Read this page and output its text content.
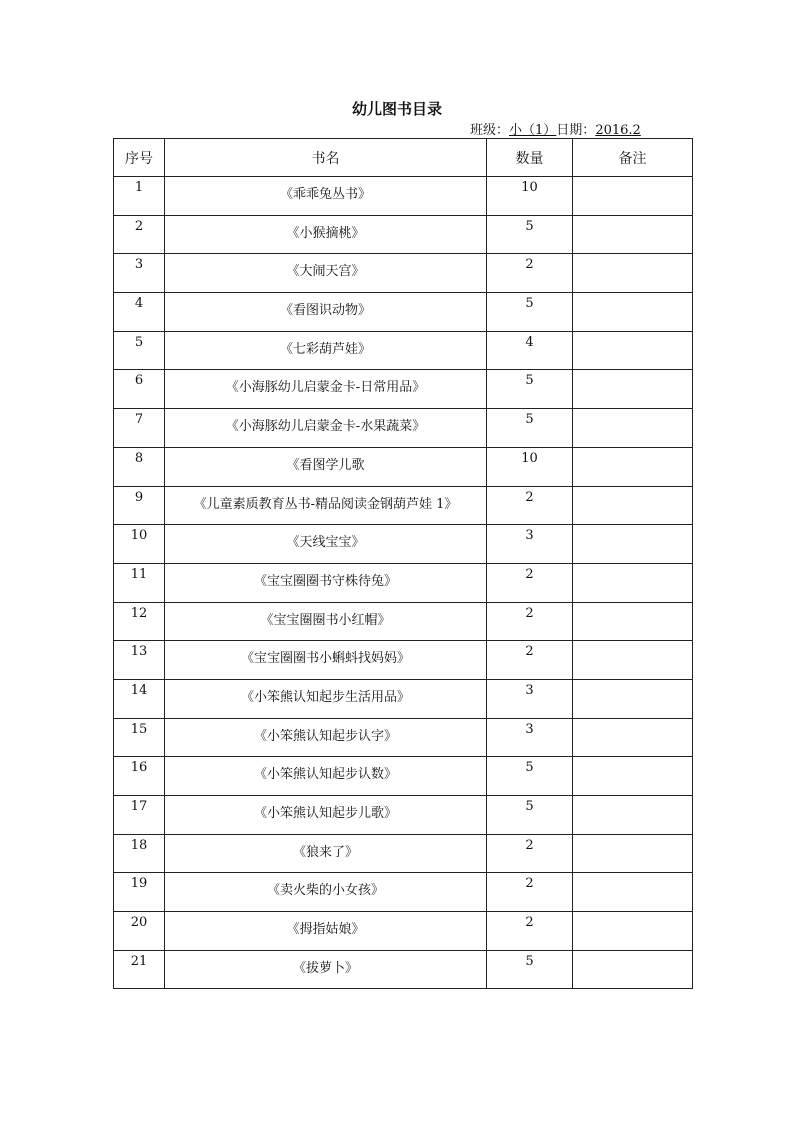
幼儿图书目录
班级：小（1）日期：2016.2
序号	书名	数量	备注
1	《乖乖兔丛书》	10	
2	《小猴摘桃》	5	
3	《大闹天宫》	2	
4	《看图识动物》	5	
5	《七彩葫芦娃》	4	
6	《小海豚幼儿启蒙金卡-日常用品》	5	
7	《小海豚幼儿启蒙金卡-水果蔬菜》	5	
8	《看图学儿歌	10	
9	《儿童素质教育丛书-精品阅读金钢葫芦娃 1》	2	
10	《天线宝宝》	3	
11	《宝宝圈圈书守株待兔》	2	
12	《宝宝圈圈书小红帽》	2	
13	《宝宝圈圈书小蝌蚪找妈妈》	2	
14	《小笨熊认知起步生活用品》	3	
15	《小笨熊认知起步认字》	3	
16	《小笨熊认知起步认数》	5	
17	《小笨熊认知起步儿歌》	5	
18	《狼来了》	2	
19	《卖火柴的小女孩》	2	
20	《拇指姑娘》	2	
21	《拔萝卜》	5	
